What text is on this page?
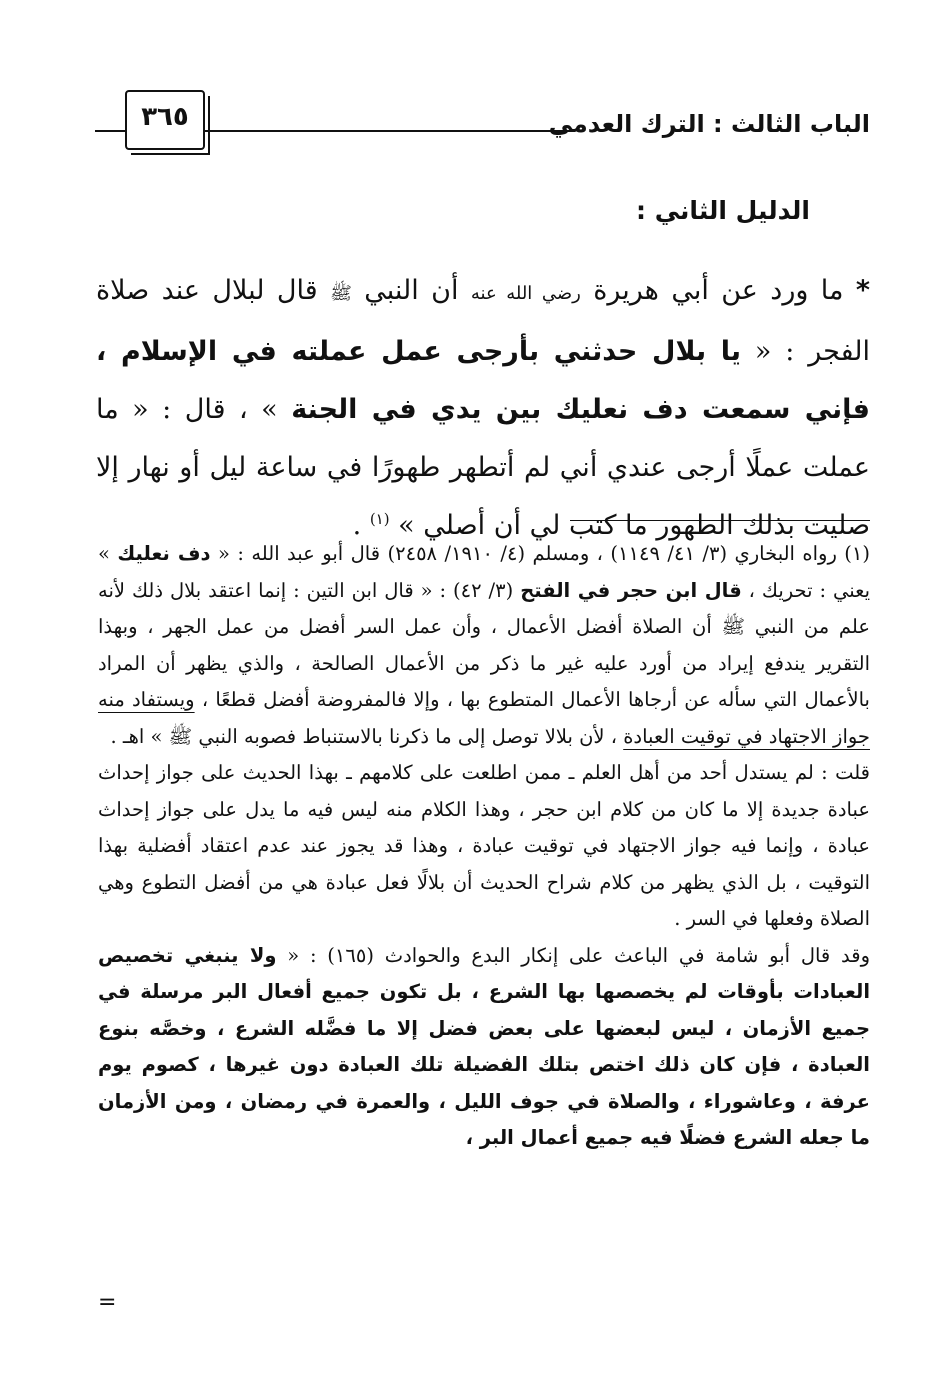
الباب الثالث : الترك العدمي
٣٦٥
الدليل الثاني :

* ما ورد عن أبي هريرة رضي الله عنه أن النبي ﷺ قال لبلال عند صلاة الفجر : « يا بلال حدثني بأرجى عمل عملته في الإسلام ، فإني سمعت دف نعليك بين يدي في الجنة » ، قال : « ما عملت عملًا أرجى عندي أني لم أتطهر طهورًا في ساعة ليل أو نهار إلا صليت بذلك الطهور ما كتب لي أن أصلي » $^{(١)}$ .

(١) رواه البخاري (٣/ ٤١/ ١١٤٩) ، ومسلم (٤/ ١٩١٠/ ٢٤٥٨) قال أبو عبد الله : « دف نعليك » يعني : تحريك ، قال ابن حجر في الفتح (٣/ ٤٢) : « قال ابن التين : إنما اعتقد بلال ذلك لأنه علم من النبي ﷺ أن الصلاة أفضل الأعمال ، وأن عمل السر أفضل من عمل الجهر ، وبهذا التقرير يندفع إيراد من أورد عليه غير ما ذكر من الأعمال الصالحة ، والذي يظهر أن المراد بالأعمال التي سأله عن أرجاها الأعمال المتطوع بها ، وإلا فالمفروضة أفضل قطعًا ، ويستفاد منه جواز الاجتهاد في توقيت العبادة ، لأن بلالا توصل إلى ما ذكرنا بالاستنباط فصوبه النبي ﷺ » اهـ .

قلت : لم يستدل أحد من أهل العلم ـ ممن اطلعت على كلامهم ـ بهذا الحديث على جواز إحداث عبادة جديدة إلا ما كان من كلام ابن حجر ، وهذا الكلام منه ليس فيه ما يدل على جواز إحداث عبادة ، وإنما فيه جواز الاجتهاد في توقيت عبادة ، وهذا قد يجوز عند عدم اعتقاد أفضلية بهذا التوقيت ، بل الذي يظهر من كلام شراح الحديث أن بلالًا فعل عبادة هي من أفضل التطوع وهي الصلاة وفعلها في السر .

وقد قال أبو شامة في الباعث على إنكار البدع والحوادث (١٦٥) : « ولا ينبغي تخصيص العبادات بأوقات لم يخصصها بها الشرع ، بل تكون جميع أفعال البر مرسلة في جميع الأزمان ، ليس لبعضها على بعض فضل إلا ما فضَّله الشرع ، وخصَّه بنوع العبادة ، فإن كان ذلك اختص بتلك الفضيلة تلك العبادة دون غيرها ، كصوم يوم عرفة ، وعاشوراء ، والصلاة في جوف الليل ، والعمرة في رمضان ، ومن الأزمان ما جعله الشرع فضلًا فيه جميع أعمال البر ،

=
